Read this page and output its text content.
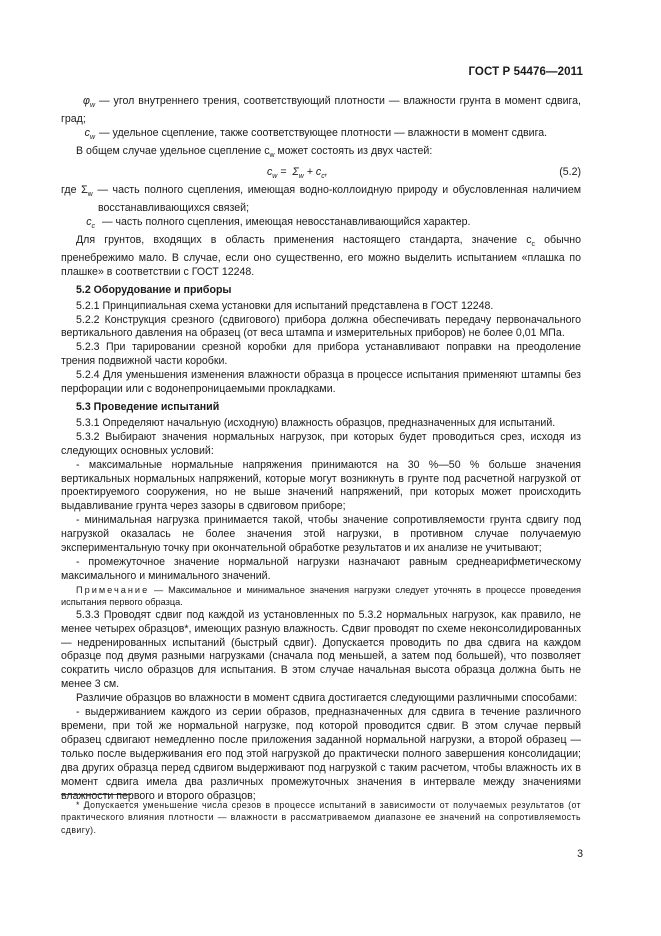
ГОСТ Р 54476—2011

$\varphi_w$ — угол внутреннего трения, соответствующий плотности — влажности грунта в момент сдвига, град;

$c_w$ — удельное сцепление, также соответствующее плотности — влажности в момент сдвига.

В общем случае удельное сцепление $c_w$ может состоять из двух частей:

$c_w = \Sigma_w + c_c$,	(5.2)

где $\Sigma_w$ — часть полного сцепления, имеющая водно-коллоидную природу и обусловленная наличием восстанавливающихся связей;

$c_c$ — часть полного сцепления, имеющая невосстанавливающийся характер.

Для грунтов, входящих в область применения настоящего стандарта, значение $c_c$ обычно пренебрежимо мало. В случае, если оно существенно, его можно выделить испытанием «плашка по плашке» в соответствии с ГОСТ 12248.

5.2 Оборудование и приборы

5.2.1 Принципиальная схема установки для испытаний представлена в ГОСТ 12248.

5.2.2 Конструкция срезного (сдвигового) прибора должна обеспечивать передачу первоначального вертикального давления на образец (от веса штампа и измерительных приборов) не более 0,01 МПа.

5.2.3 При тарировании срезной коробки для прибора устанавливают поправки на преодоление трения подвижной части коробки.

5.2.4 Для уменьшения изменения влажности образца в процессе испытания применяют штампы без перфорации или с водонепроницаемыми прокладками.

5.3 Проведение испытаний

5.3.1 Определяют начальную (исходную) влажность образцов, предназначенных для испытаний.

5.3.2 Выбирают значения нормальных нагрузок, при которых будет проводиться срез, исходя из следующих основных условий:

- максимальные нормальные напряжения принимаются на 30 %—50 % больше значения вертикальных нормальных напряжений, которые могут возникнуть в грунте под расчетной нагрузкой от проектируемого сооружения, но не выше значений напряжений, при которых может происходить выдавливание грунта через зазоры в сдвиговом приборе;

- минимальная нагрузка принимается такой, чтобы значение сопротивляемости грунта сдвигу под нагрузкой оказалась не более значения этой нагрузки, в противном случае получаемую экспериментальную точку при окончательной обработке результатов и их анализе не учитывают;

- промежуточное значение нормальной нагрузки назначают равным среднеарифметическому максимального и минимального значений.

Примечание — Максимальное и минимальное значения нагрузки следует уточнять в процессе проведения испытания первого образца.

5.3.3 Проводят сдвиг под каждой из установленных по 5.3.2 нормальных нагрузок, как правило, не менее четырех образцов*, имеющих разную влажность. Сдвиг проводят по схеме неконсолидированных — недренированных испытаний (быстрый сдвиг). Допускается проводить по два сдвига на каждом образце под двумя разными нагрузками (сначала под меньшей, а затем под большей), что позволяет сократить число образцов для испытания. В этом случае начальная высота образца должна быть не менее 3 см.

Различие образцов во влажности в момент сдвига достигается следующими различными способами:

- выдерживанием каждого из серии образов, предназначенных для сдвига в течение различного времени, при той же нормальной нагрузке, под которой проводится сдвиг. В этом случае первый образец сдвигают немедленно после приложения заданной нормальной нагрузки, а второй образец — только после выдерживания его под этой нагрузкой до практически полного завершения консолидации; два других образца перед сдвигом выдерживают под нагрузкой с таким расчетом, чтобы влажность их в момент сдвига имела два различных промежуточных значения в интервале между значениями влажности первого и второго образцов;

* Допускается уменьшение числа срезов в процессе испытаний в зависимости от получаемых результатов (от практического влияния плотности — влажности в рассматриваемом диапазоне ее значений на сопротивляемость сдвигу).

3
